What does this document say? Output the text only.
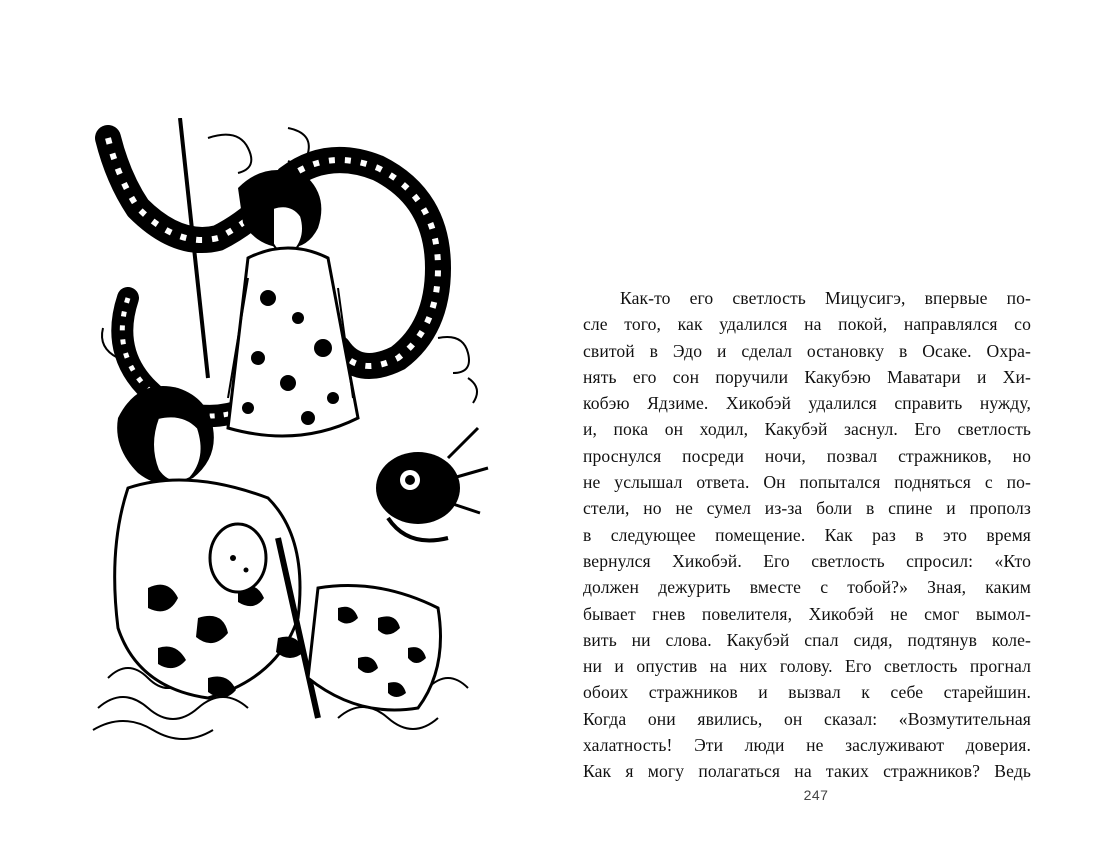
Как-то его светлость Мицусигэ, впервые по-

сле того, как удалился на покой, направлялся со

свитой в Эдо и сделал остановку в Осаке. Охра-

нять его сон поручили Какубэю Маватари и Хи-

кобэю Ядзиме. Хикобэй удалился справить нужду,

и, пока он ходил, Какубэй заснул. Его светлость

проснулся посреди ночи, позвал стражников, но

не услышал ответа. Он попытался подняться с по-

стели, но не сумел из-за боли в спине и прополз

в следующее помещение. Как раз в это время

вернулся Хикобэй. Его светлость спросил: «Кто

должен дежурить вместе с тобой?» Зная, каким

бывает гнев повелителя, Хикобэй не смог вымол-

вить ни слова. Какубэй спал сидя, подтянув коле-

ни и опустив на них голову. Его светлость прогнал

обоих стражников и вызвал к себе старейшин.

Когда они явились, он сказал: «Возмутительная

халатность! Эти люди не заслуживают доверия.

Как я могу полагаться на таких стражников? Ведь

247
